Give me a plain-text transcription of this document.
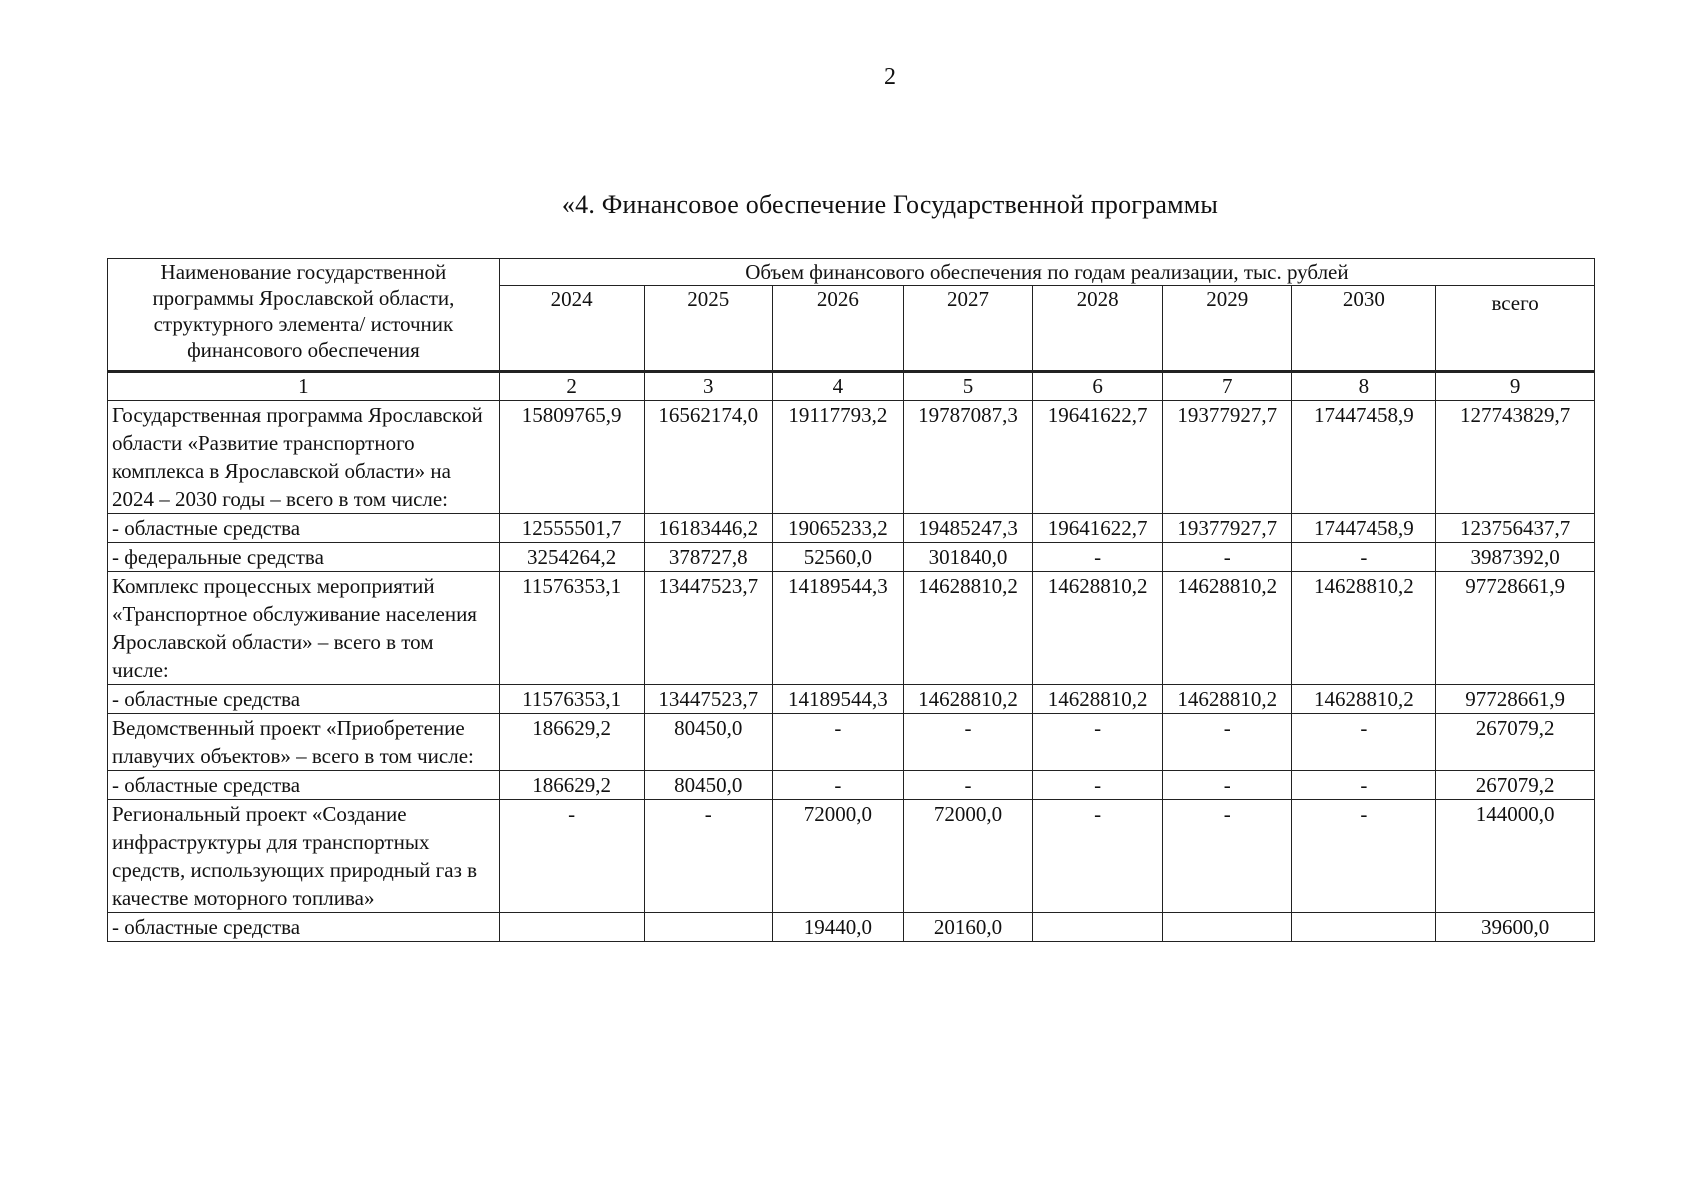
2
«4. Финансовое обеспечение Государственной программы
Наименование государственной программы Ярославской области, структурного элемента/ источник финансового обеспечения	Объем финансового обеспечения по годам реализации, тыс. рублей							
	2024	2025	2026	2027	2028	2029	2030	всего
1	2	3	4	5	6	7	8	9
Государственная программа Ярославской области «Развитие транспортного комплекса в Ярославской области» на 2024 – 2030 годы – всего в том числе:	15809765,9	16562174,0	19117793,2	19787087,3	19641622,7	19377927,7	17447458,9	127743829,7
- областные средства	12555501,7	16183446,2	19065233,2	19485247,3	19641622,7	19377927,7	17447458,9	123756437,7
- федеральные средства	3254264,2	378727,8	52560,0	301840,0	-	-	-	3987392,0
Комплекс процессных мероприятий «Транспортное обслуживание населения Ярославской области» – всего в том числе:	11576353,1	13447523,7	14189544,3	14628810,2	14628810,2	14628810,2	14628810,2	97728661,9
- областные средства	11576353,1	13447523,7	14189544,3	14628810,2	14628810,2	14628810,2	14628810,2	97728661,9
Ведомственный проект «Приобретение плавучих объектов» – всего в том числе:	186629,2	80450,0	-	-	-	-	-	267079,2
- областные средства	186629,2	80450,0	-	-	-	-	-	267079,2
Региональный проект «Создание инфраструктуры для транспортных средств, использующих природный газ в качестве моторного топлива»	-	-	72000,0	72000,0	-	-	-	144000,0
- областные средства			19440,0	20160,0				39600,0
